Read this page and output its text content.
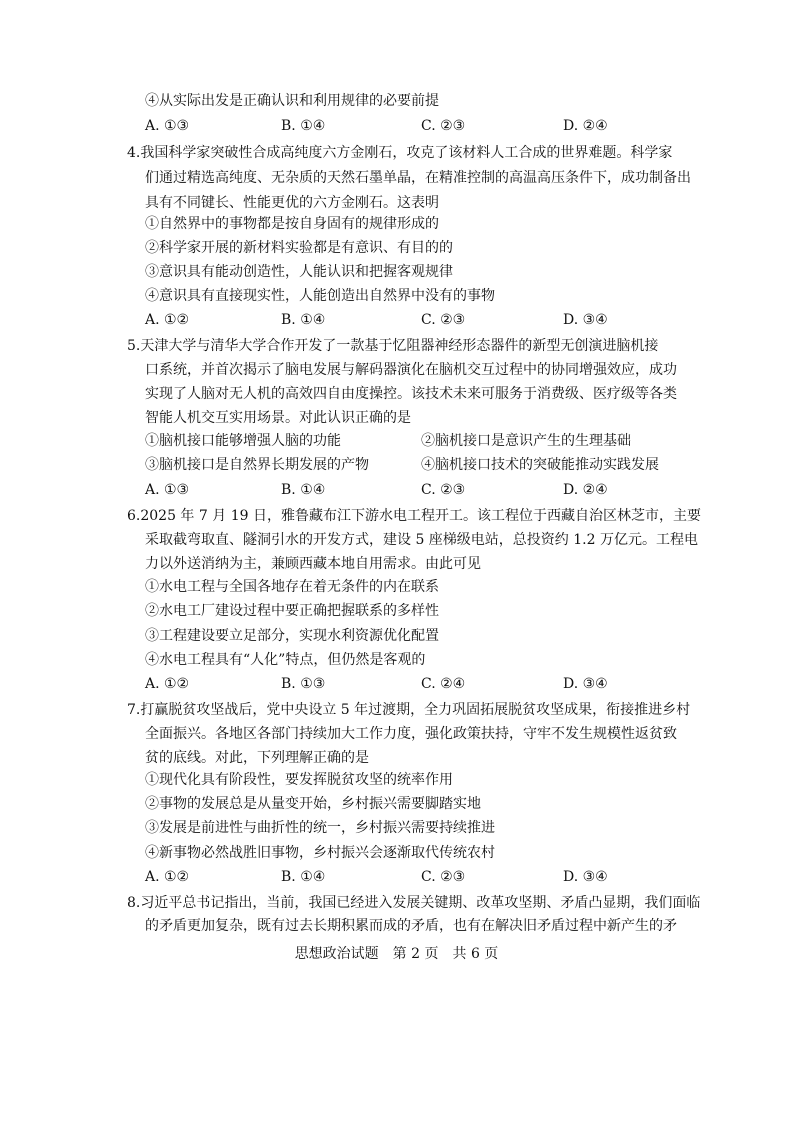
④从实际出发是正确认识和利用规律的必要前提
A. ①③	B. ①④	C. ②③	D. ②④
4.我国科学家突破性合成高纯度六方金刚石，攻克了该材料人工合成的世界难题。科学家
们通过精选高纯度、无杂质的天然石墨单晶，在精准控制的高温高压条件下，成功制备出
具有不同键长、性能更优的六方金刚石。这表明
①自然界中的事物都是按自身固有的规律形成的
②科学家开展的新材料实验都是有意识、有目的的
③意识具有能动创造性，人能认识和把握客观规律
④意识具有直接现实性，人能创造出自然界中没有的事物
A. ①②	B. ①④	C. ②③	D. ③④
5.天津大学与清华大学合作开发了一款基于忆阻器神经形态器件的新型无创演进脑机接
口系统，并首次揭示了脑电发展与解码器演化在脑机交互过程中的协同增强效应，成功
实现了人脑对无人机的高效四自由度操控。该技术未来可服务于消费级、医疗级等各类
智能人机交互实用场景。对此认识正确的是
①脑机接口能够增强人脑的功能	②脑机接口是意识产生的生理基础
③脑机接口是自然界长期发展的产物	④脑机接口技术的突破能推动实践发展
A. ①③	B. ①④	C. ②③	D. ②④
6.2025 年 7 月 19 日，雅鲁藏布江下游水电工程开工。该工程位于西藏自治区林芝市，主要
采取截弯取直、隧洞引水的开发方式，建设 5 座梯级电站，总投资约 1.2 万亿元。工程电
力以外送消纳为主，兼顾西藏本地自用需求。由此可见
①水电工程与全国各地存在着无条件的内在联系
②水电工厂建设过程中要正确把握联系的多样性
③工程建设要立足部分，实现水利资源优化配置
④水电工程具有“人化”特点，但仍然是客观的
A. ①②	B. ①③	C. ②④	D. ③④
7.打赢脱贫攻坚战后，党中央设立 5 年过渡期，全力巩固拓展脱贫攻坚成果，衔接推进乡村
全面振兴。各地区各部门持续加大工作力度，强化政策扶持，守牢不发生规模性返贫致
贫的底线。对此，下列理解正确的是
①现代化具有阶段性，要发挥脱贫攻坚的统率作用
②事物的发展总是从量变开始，乡村振兴需要脚踏实地
③发展是前进性与曲折性的统一，乡村振兴需要持续推进
④新事物必然战胜旧事物，乡村振兴会逐渐取代传统农村
A. ①②	B. ①④	C. ②③	D. ③④
8.习近平总书记指出，当前，我国已经进入发展关键期、改革攻坚期、矛盾凸显期，我们面临
的矛盾更加复杂，既有过去长期积累而成的矛盾，也有在解决旧矛盾过程中新产生的矛
思想政治试题　第 2 页　共 6 页
